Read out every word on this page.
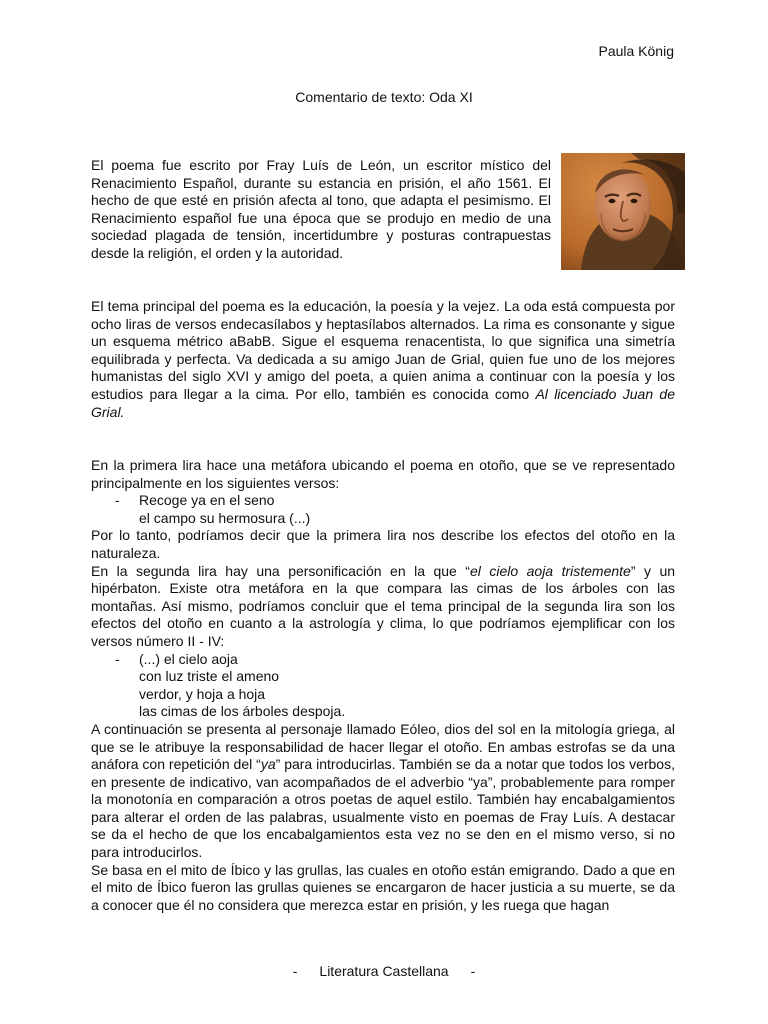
Paula König
Comentario de texto: Oda XI

El poema fue escrito por Fray Luís de León, un escritor místico del Renacimiento Español, durante su estancia en prisión, el año 1561. El hecho de que esté en prisión afecta al tono, que adapta el pesimismo. El Renacimiento español fue una época que se produjo en medio de una sociedad plagada de tensión, incertidumbre y posturas contrapuestas desde la religión, el orden y la autoridad.

El tema principal del poema es la educación, la poesía y la vejez. La oda está compuesta por ocho liras de versos endecasílabos y heptasílabos alternados. La rima es consonante y sigue un esquema métrico aBabB. Sigue el esquema renacentista, lo que significa una simetría equilibrada y perfecta. Va dedicada a su amigo Juan de Grial, quien fue uno de los mejores humanistas del siglo XVI y amigo del poeta, a quien anima a continuar con la poesía y los estudios para llegar a la cima. Por ello, también es conocida como Al licenciado Juan de Grial.

En la primera lira hace una metáfora ubicando el poema en otoño, que se ve representado principalmente en los siguientes versos:
- Recoge ya en el seno
el campo su hermosura (...)
Por lo tanto, podríamos decir que la primera lira nos describe los efectos del otoño en la naturaleza.
En la segunda lira hay una personificación en la que “el cielo aoja tristemente” y un hipérbaton. Existe otra metáfora en la que compara las cimas de los árboles con las montañas. Así mismo, podríamos concluir que el tema principal de la segunda lira son los efectos del otoño en cuanto a la astrología y clima, lo que podríamos ejemplificar con los versos número II - IV:
- (...) el cielo aoja
con luz triste el ameno
verdor, y hoja a hoja
las cimas de los árboles despoja.
A continuación se presenta al personaje llamado Eóleo, dios del sol en la mitología griega, al que se le atribuye la responsabilidad de hacer llegar el otoño. En ambas estrofas se da una anáfora con repetición del “ya” para introducirlas. También se da a notar que todos los verbos, en presente de indicativo, van acompañados de el adverbio “ya”, probablemente para romper la monotonía en comparación a otros poetas de aquel estilo. También hay encabalgamientos para alterar el orden de las palabras, usualmente visto en poemas de Fray Luís. A destacar se da el hecho de que los encabalgamientos esta vez no se den en el mismo verso, si no para introducirlos.
Se basa en el mito de Íbico y las grullas, las cuales en otoño están emigrando. Dado a que en el mito de Íbico fueron las grullas quienes se encargaron de hacer justicia a su muerte, se da a conocer que él no considera que merezca estar en prisión, y les ruega que hagan
- Literatura Castellana -
